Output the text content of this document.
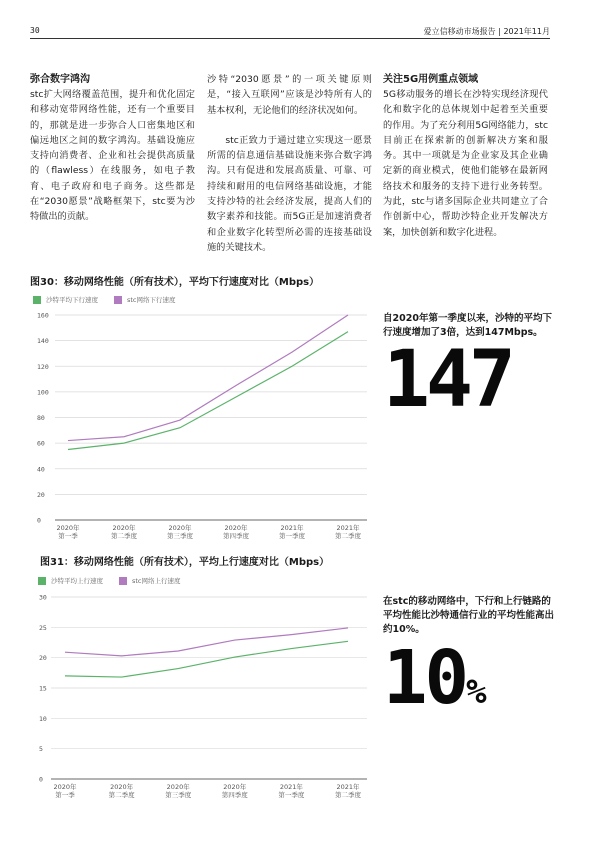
30	爱立信移动市场报告 | 2021年11月
弥合数字鸿沟

stc扩大网络覆盖范围，提升和优化固定和移动宽带网络性能，还有一个重要目的，那就是进一步弥合人口密集地区和偏远地区之间的数字鸿沟。基础设施应支持向消费者、企业和社会提供高质量的（flawless）在线服务，如电子教育、电子政府和电子商务。这些都是在“2030愿景”战略框架下，stc要为沙特做出的贡献。

沙特“2030愿景”的一项关键原则是，“接入互联网”应该是沙特所有人的基本权利，无论他们的经济状况如何。

stc正致力于通过建立实现这一愿景所需的信息通信基础设施来弥合数字鸿沟。只有促进和发展高质量、可靠、可持续和耐用的电信网络基础设施，才能支持沙特的社会经济发展，提高人们的数字素养和技能。而5G正是加速消费者和企业数字化转型所必需的连接基础设施的关键技术。

关注5G用例重点领域

5G移动服务的增长在沙特实现经济现代化和数字化的总体规划中起着至关重要的作用。为了充分利用5G网络能力，stc目前正在探索新的创新解决方案和服务。其中一项就是为企业家及其企业确定新的商业模式，使他们能够在最新网络技术和服务的支持下进行业务转型。为此，stc与诸多国际企业共同建立了合作创新中心，帮助沙特企业开发解决方案，加快创新和数字化进程。

图30：移动网络性能（所有技术），平均下行速度对比（Mbps）
沙特平均下行速度	stc网络下行速度
0
20
40
60
80
100
120
140
160
2020年
第一季
2020年
第二季度
2020年
第三季度
2020年
第四季度
2021年
第一季度
2021年
第二季度
自2020年第一季度以来，沙特的平均下行速度增加了3倍，达到147Mbps。
147
图31：移动网络性能（所有技术），平均上行速度对比（Mbps）
沙特平均上行速度	stc网络上行速度
0
5
10
15
20
25
30
2020年
第一季
2020年
第二季度
2020年
第三季度
2020年
第四季度
2021年
第一季度
2021年
第二季度
在stc的移动网络中，下行和上行链路的平均性能比沙特通信行业的平均性能高出约10%。
10%
